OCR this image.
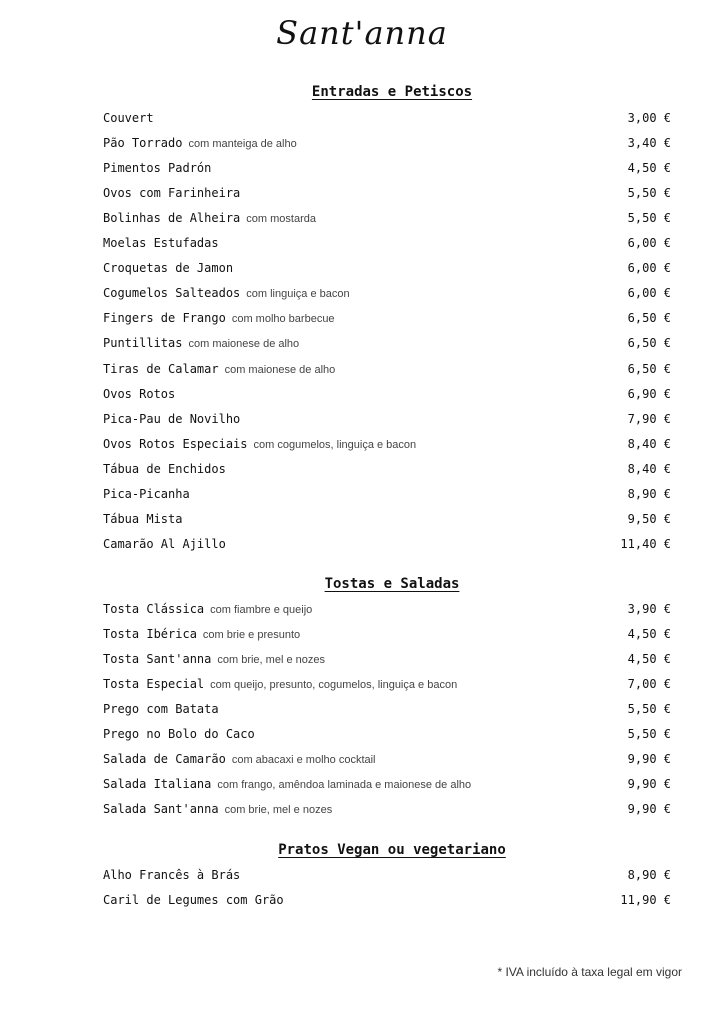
Sant'anna
Entradas e Petiscos
Couvert	3,00 €
Pão Torrado com manteiga de alho	3,40 €
Pimentos Padrón	4,50 €
Ovos com Farinheira	5,50 €
Bolinhas de Alheira com mostarda	5,50 €
Moelas Estufadas	6,00 €
Croquetas de Jamon	6,00 €
Cogumelos Salteados com linguiça e bacon	6,00 €
Fingers de Frango com molho barbecue	6,50 €
Puntillitas com maionese de alho	6,50 €
Tiras de Calamar com maionese de alho	6,50 €
Ovos Rotos	6,90 €
Pica-Pau de Novilho	7,90 €
Ovos Rotos Especiais com cogumelos, linguiça e bacon	8,40 €
Tábua de Enchidos	8,40 €
Pica-Picanha	8,90 €
Tábua Mista	9,50 €
Camarão Al Ajillo	11,40 €
Tostas e Saladas
Tosta Clássica com fiambre e queijo	3,90 €
Tosta Ibérica com brie e presunto	4,50 €
Tosta Sant'anna com brie, mel e nozes	4,50 €
Tosta Especial com queijo, presunto, cogumelos, linguiça e bacon	7,00 €
Prego com Batata	5,50 €
Prego no Bolo do Caco	5,50 €
Salada de Camarão com abacaxi e molho cocktail	9,90 €
Salada Italiana com frango, amêndoa laminada e maionese de alho	9,90 €
Salada Sant'anna com brie, mel e nozes	9,90 €
Pratos Vegan ou vegetariano
Alho Francês à Brás	8,90 €
Caril de Legumes com Grão	11,90 €
* IVA incluído à taxa legal em vigor
